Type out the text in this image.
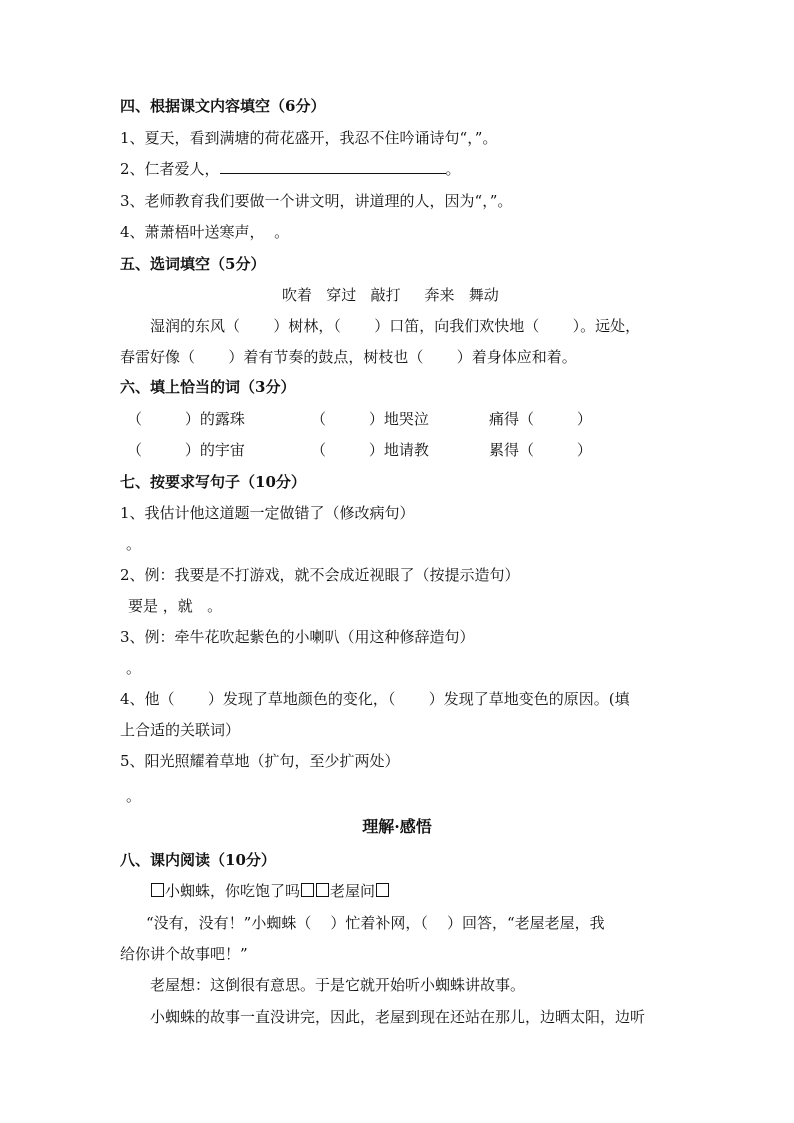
四、根据课文内容填空（6分）
1、夏天，看到满塘的荷花盛开，我忍不住吟诵诗句“，”。
2、仁者爱人，	。
3、老师教育我们要做一个讲文明，讲道理的人，因为“，”。
4、萧萧梧叶送寒声，  。
五、选词填空（5分）
吹着   穿过   敲打     奔来   舞动
湿润的东风（       ）树林，（       ）口笛，向我们欢快地（       ）。远处，
春雷好像（       ）着有节奏的鼓点，树枝也（       ）着身体应和着。
六、填上恰当的词（3分）
（         ）的露珠	（         ）地哭泣	痛得（         ）
（         ）的宇宙	（         ）地请教	累得（         ）
七、按要求写句子（10分）
1、我估计他这道题一定做错了（修改病句）
。
2、例：我要是不打游戏，就不会成近视眼了（按提示造句）
要是 ，就   。
3、例：牵牛花吹起紫色的小喇叭（用这种修辞造句）
。
4、他（       ）发现了草地颜色的变化，（       ）发现了草地变色的原因。(填
上合适的关联词）
5、阳光照耀着草地（扩句，至少扩两处）
。
理解·感悟
八、课内阅读（10分）
小蜘蛛，你吃饱了吗 老屋问
“没有，没有！”小蜘蛛（    ）忙着补网，（    ）回答，“老屋老屋，我
给你讲个故事吧！”
老屋想：这倒很有意思。于是它就开始听小蜘蛛讲故事。
小蜘蛛的故事一直没讲完，因此，老屋到现在还站在那儿，边晒太阳，边听
